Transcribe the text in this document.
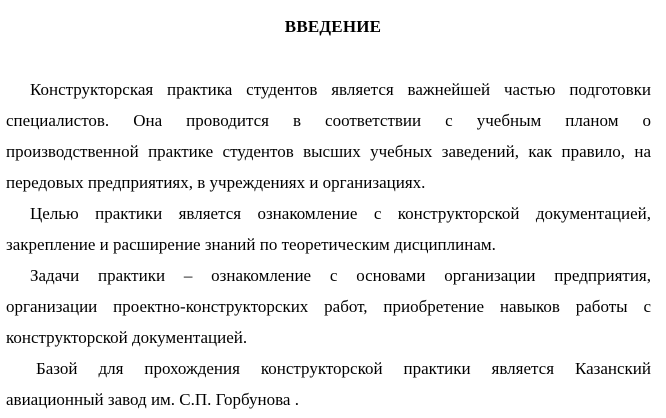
ВВЕДЕНИЕ

Конструкторская практика студентов является важнейшей частью подготовки
специалистов. Она проводится в соответствии с учебным планом о
производственной практике студентов высших учебных заведений, как правило, на
передовых предприятиях, в учреждениях и организациях.

Целью практики является ознакомление с конструкторской документацией,
закрепление и расширение знаний по теоретическим дисциплинам.

Задачи практики – ознакомление с основами организации предприятия,
организации проектно-конструкторских работ, приобретение навыков работы с
конструкторской документацией.

Базой для прохождения конструкторской практики является Казанский
авиационный завод им. С.П. Горбунова .
